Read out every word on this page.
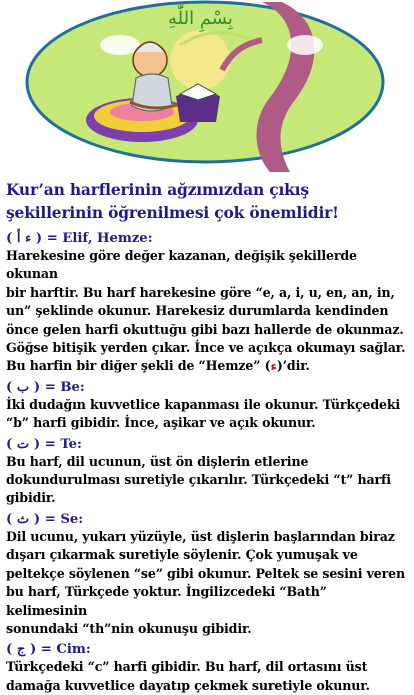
بِسْمِ اللّٰهِ
Kur’an harflerinin ağzımızdan çıkış
şekillerinin öğrenilmesi çok önemlidir!
( ء أ ) = Elif, Hemze:

Harekesine göre değer kazanan, değişik şekillerde okunan
bir harftir. Bu harf harekesine göre “e, a, i, u, en, an, in,
un” şeklinde okunur. Harekesiz durumlarda kendinden
önce gelen harfi okuttuğu gibi bazı hallerde de okunmaz.
Göğse bitişik yerden çıkar. İnce ve açıkça okumayı sağlar.
Bu harfin bir diğer şekli de “Hemze” (ء)’dir.

( ب ) = Be:

İki dudağın kuvvetlice kapanması ile okunur. Türkçedeki
“b” harfi gibidir. İnce, aşikar ve açık okunur.

( ت ) = Te:

Bu harf, dil ucunun, üst ön dişlerin etlerine
dokundurulması suretiyle çıkarılır. Türkçedeki “t” harfi
gibidir.

( ث ) = Se:

Dil ucunu, yukarı yüzüyle, üst dişlerin başlarından biraz
dışarı çıkarmak suretiyle söylenir. Çok yumuşak ve
peltekçe söylenen “se” gibi okunur. Peltek se sesini veren
bu harf, Türkçede yoktur. İngilizcedeki “Bath” kelimesinin
sonundaki “th”nin okunuşu gibidir.

( ج ) = Cim:

Türkçedeki “c” harfi gibidir. Bu harf, dil ortasını üst
damağa kuvvetlice dayatıp çekmek suretiyle okunur.
